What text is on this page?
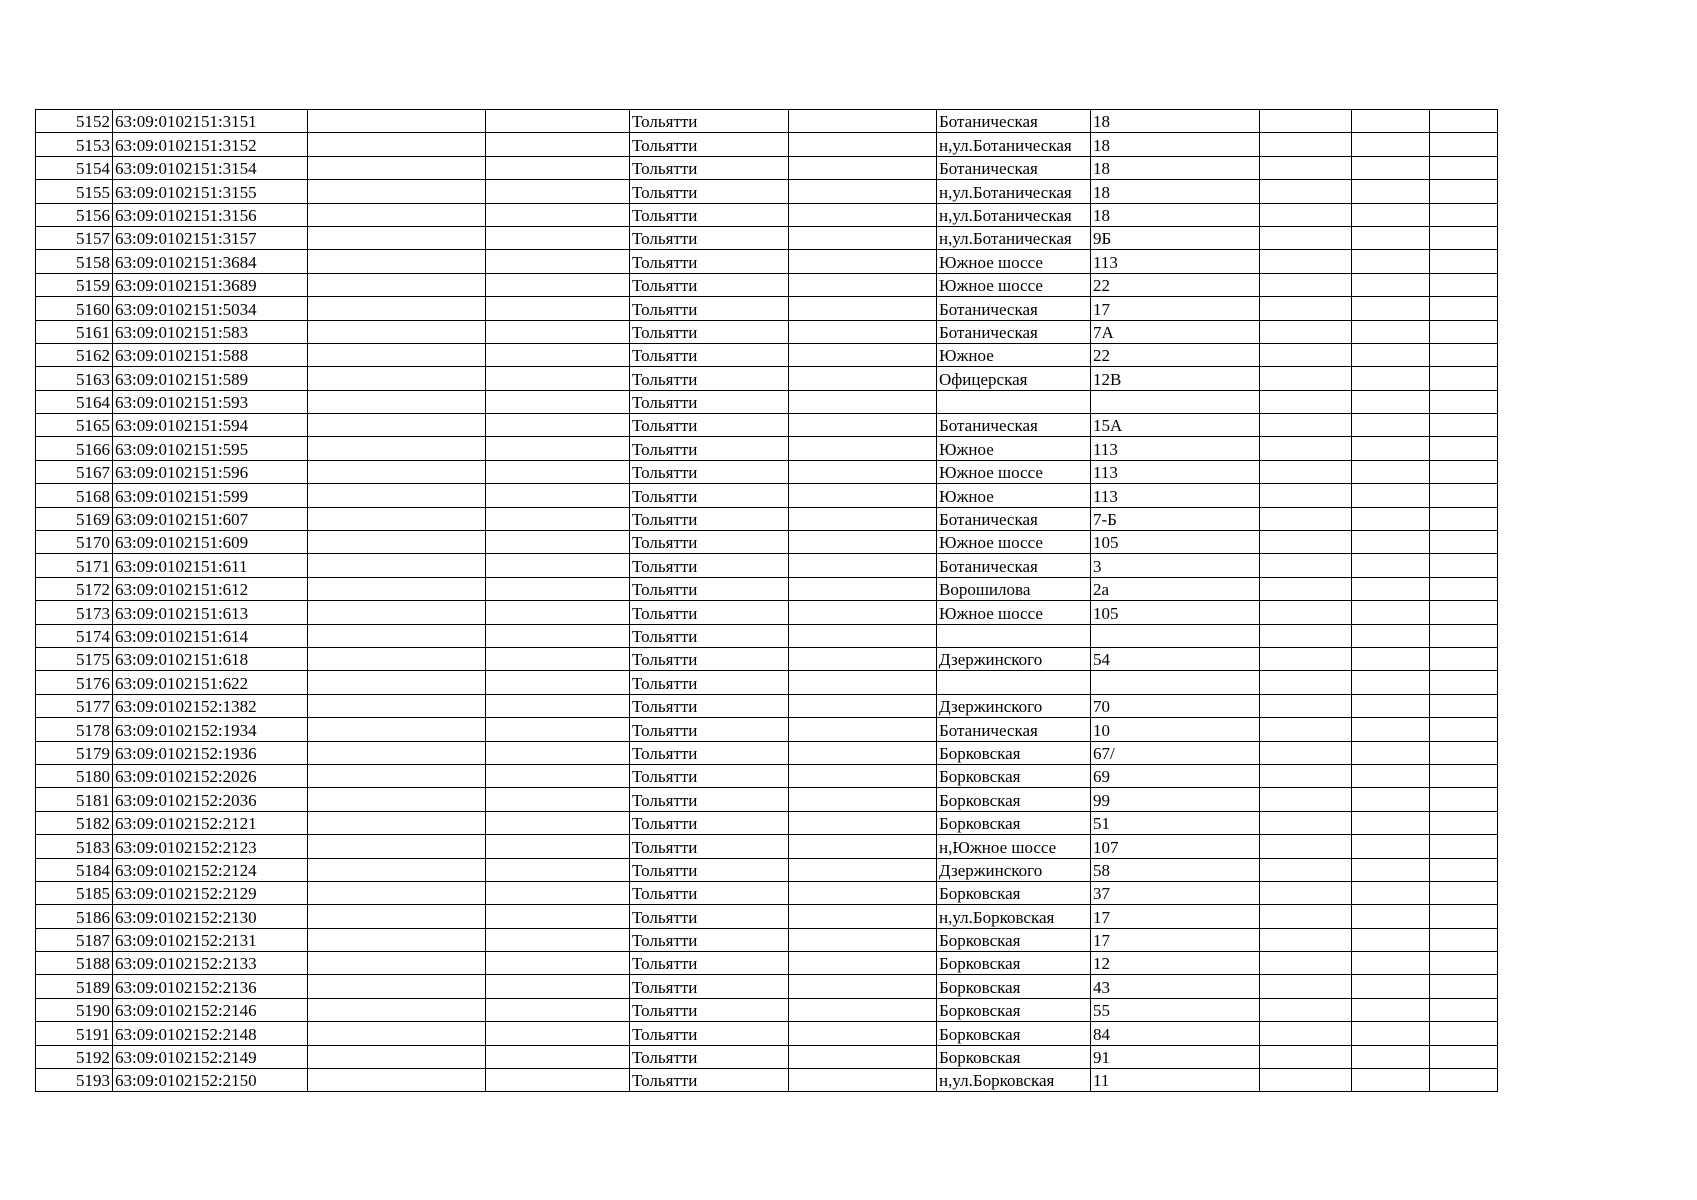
5152	63:09:0102151:3151			Тольятти		Ботаническая	18			
5153	63:09:0102151:3152			Тольятти		н,ул.Ботаническая	18			
5154	63:09:0102151:3154			Тольятти		Ботаническая	18			
5155	63:09:0102151:3155			Тольятти		н,ул.Ботаническая	18			
5156	63:09:0102151:3156			Тольятти		н,ул.Ботаническая	18			
5157	63:09:0102151:3157			Тольятти		н,ул.Ботаническая	9Б			
5158	63:09:0102151:3684			Тольятти		Южное шоссе	113			
5159	63:09:0102151:3689			Тольятти		Южное шоссе	22			
5160	63:09:0102151:5034			Тольятти		Ботаническая	17			
5161	63:09:0102151:583			Тольятти		Ботаническая	7А			
5162	63:09:0102151:588			Тольятти		Южное	22			
5163	63:09:0102151:589			Тольятти		Офицерская	12В			
5164	63:09:0102151:593			Тольятти						
5165	63:09:0102151:594			Тольятти		Ботаническая	15А			
5166	63:09:0102151:595			Тольятти		Южное	113			
5167	63:09:0102151:596			Тольятти		Южное шоссе	113			
5168	63:09:0102151:599			Тольятти		Южное	113			
5169	63:09:0102151:607			Тольятти		Ботаническая	7-Б			
5170	63:09:0102151:609			Тольятти		Южное шоссе	105			
5171	63:09:0102151:611			Тольятти		Ботаническая	3			
5172	63:09:0102151:612			Тольятти		Ворошилова	2а			
5173	63:09:0102151:613			Тольятти		Южное шоссе	105			
5174	63:09:0102151:614			Тольятти						
5175	63:09:0102151:618			Тольятти		Дзержинского	54			
5176	63:09:0102151:622			Тольятти						
5177	63:09:0102152:1382			Тольятти		Дзержинского	70			
5178	63:09:0102152:1934			Тольятти		Ботаническая	10			
5179	63:09:0102152:1936			Тольятти		Борковская	67/			
5180	63:09:0102152:2026			Тольятти		Борковская	69			
5181	63:09:0102152:2036			Тольятти		Борковская	99			
5182	63:09:0102152:2121			Тольятти		Борковская	51			
5183	63:09:0102152:2123			Тольятти		н,Южное шоссе	107			
5184	63:09:0102152:2124			Тольятти		Дзержинского	58			
5185	63:09:0102152:2129			Тольятти		Борковская	37			
5186	63:09:0102152:2130			Тольятти		н,ул.Борковская	17			
5187	63:09:0102152:2131			Тольятти		Борковская	17			
5188	63:09:0102152:2133			Тольятти		Борковская	12			
5189	63:09:0102152:2136			Тольятти		Борковская	43			
5190	63:09:0102152:2146			Тольятти		Борковская	55			
5191	63:09:0102152:2148			Тольятти		Борковская	84			
5192	63:09:0102152:2149			Тольятти		Борковская	91			
5193	63:09:0102152:2150			Тольятти		н,ул.Борковская	11			
